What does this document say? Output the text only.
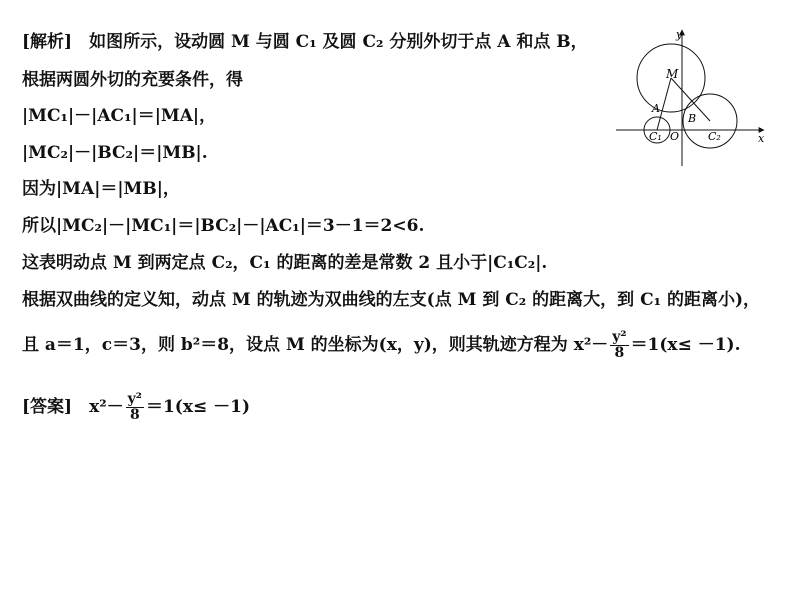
[解析]　如图所示，设动圆 M 与圆 C₁ 及圆 C₂ 分别外切于点 A 和点 B，
根据两圆外切的充要条件，得
|MC₁|－|AC₁|＝|MA|，
|MC₂|－|BC₂|＝|MB|.
因为|MA|＝|MB|，
所以|MC₂|－|MC₁|＝|BC₂|－|AC₁|＝3－1＝2<6.
这表明动点 M 到两定点 C₂，C₁ 的距离的差是常数 2 且小于|C₁C₂|.
根据双曲线的定义知，动点 M 的轨迹为双曲线的左支(点 M 到 C₂ 的距离大，到 C₁ 的距离小)，
且 a＝1，c＝3，则 b²＝8，设点 M 的坐标为(x，y)，则其轨迹方程为 $x^2- \frac{\text{y²}}{8} =1(x\le -1)$.
[答案]　$x^2- \frac{\text{y²}}{8} =1(x\le -1)$
y
x
M
A
B
O
C₁	C₂
